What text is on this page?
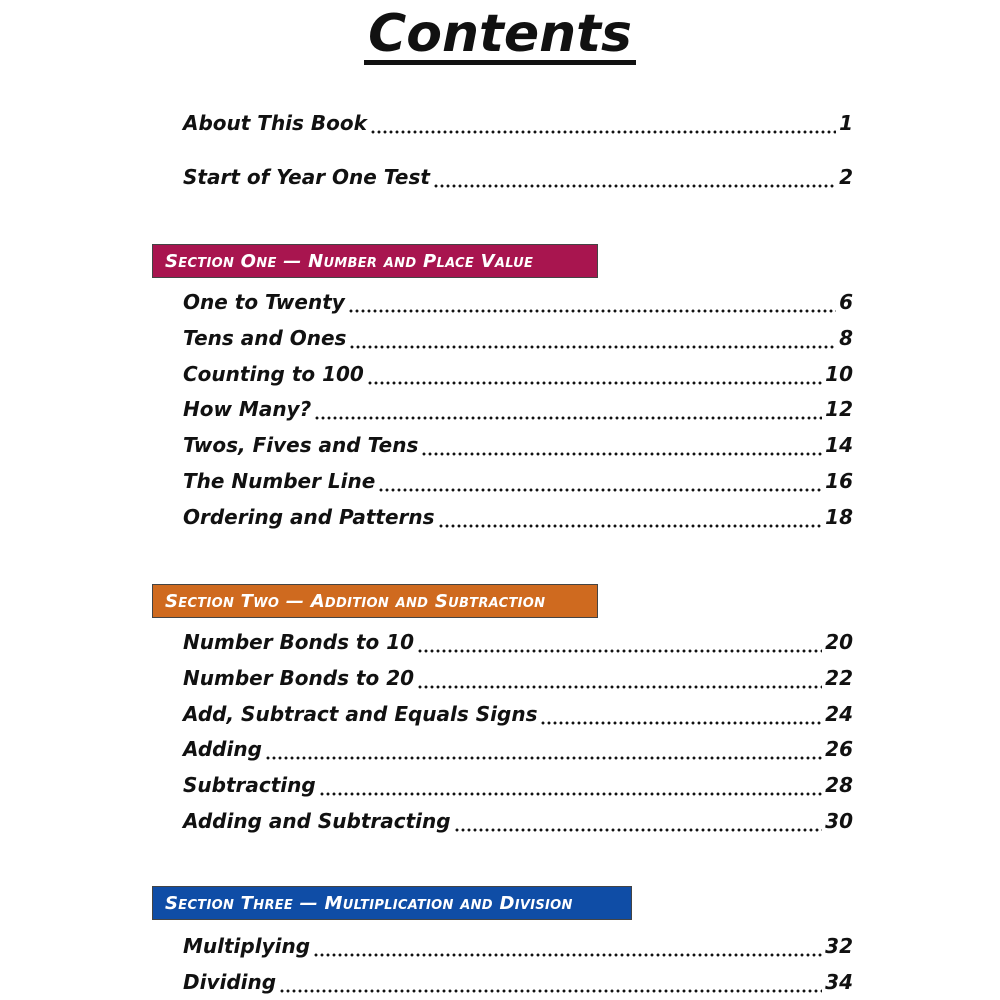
Contents
About This Book	1
Start of Year One Test	2
Section One — Number and Place Value
One to Twenty	6
Tens and Ones	8
Counting to 100	10
How Many?	12
Twos, Fives and Tens	14
The Number Line	16
Ordering and Patterns	18
Section Two — Addition and Subtraction
Number Bonds to 10	20
Number Bonds to 20	22
Add, Subtract and Equals Signs	24
Adding	26
Subtracting	28
Adding and Subtracting	30
Section Three — Multiplication and Division
Multiplying	32
Dividing	34
